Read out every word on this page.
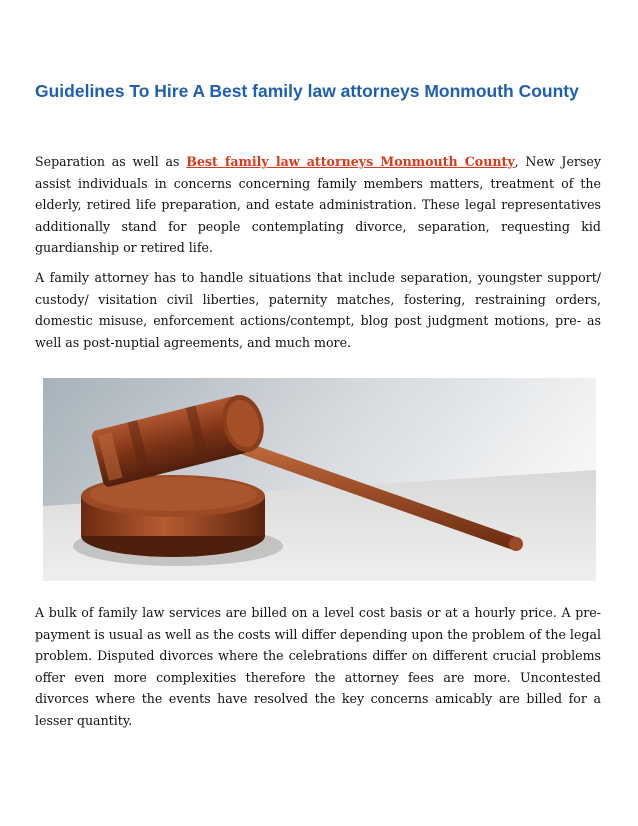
Guidelines To Hire A Best family law attorneys Monmouth County

Separation as well as Best family law attorneys Monmouth County, New Jersey assist individuals in concerns concerning family members matters, treatment of the elderly, retired life preparation, and estate administration. These legal representatives additionally stand for people contemplating divorce, separation, requesting kid guardianship or retired life.

A family attorney has to handle situations that include separation, youngster support/ custody/ visitation civil liberties, paternity matches, fostering, restraining orders, domestic misuse, enforcement actions/contempt, blog post judgment motions, pre- as well as post-nuptial agreements, and much more.

A bulk of family law services are billed on a level cost basis or at a hourly price. A pre-payment is usual as well as the costs will differ depending upon the problem of the legal problem. Disputed divorces where the celebrations differ on different crucial problems offer even more complexities therefore the attorney fees are more. Uncontested divorces where the events have resolved the key concerns amicably are billed for a lesser quantity.
